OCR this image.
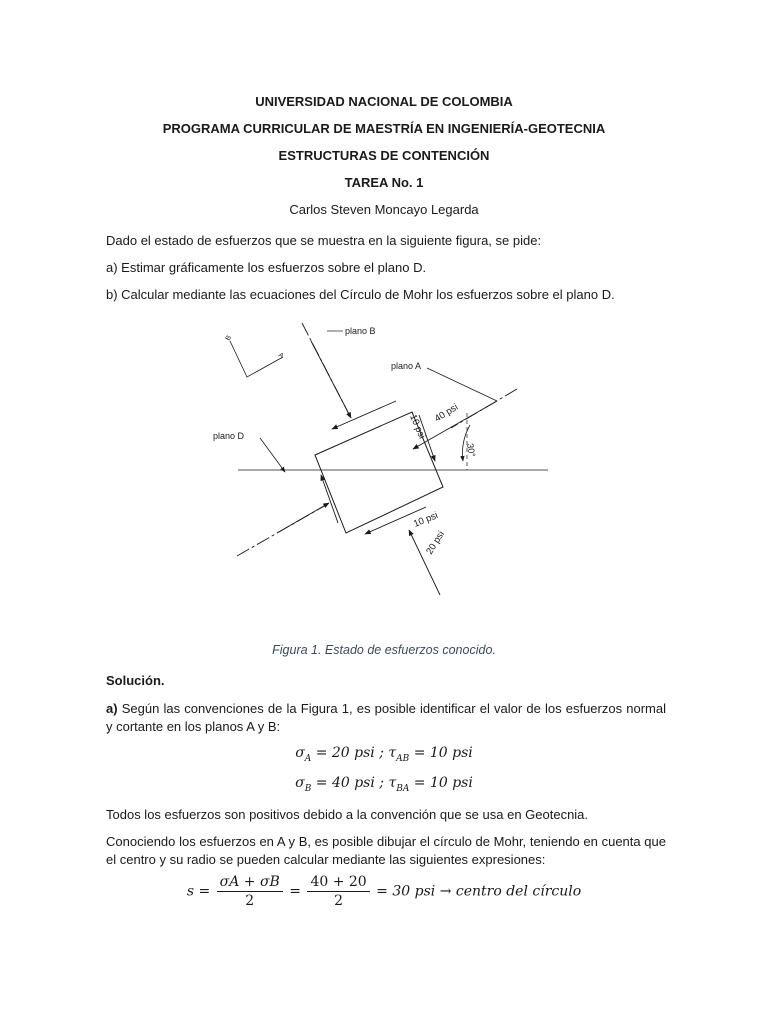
UNIVERSIDAD NACIONAL DE COLOMBIA
PROGRAMA CURRICULAR DE MAESTRÍA EN INGENIERÍA-GEOTECNIA
ESTRUCTURAS DE CONTENCIÓN
TAREA No. 1
Carlos Steven Moncayo Legarda
Dado el estado de esfuerzos que se muestra en la siguiente figura, se pide:
a) Estimar gráficamente los esfuerzos sobre el plano D.
b) Calcular mediante las ecuaciones del Círculo de Mohr los esfuerzos sobre el plano D.
plano B
plano A
plano D
B
A
10 psi 40 psi
30°
10 psi
20 psi
Figura 1. Estado de esfuerzos conocido.
Solución.
a) Según las convenciones de la Figura 1, es posible identificar el valor de los esfuerzos normal y cortante en los planos A y B:
$\sigma_A = 20$ psi ; $\tau_{AB} = 10$ psi
$\sigma_B = 40$ psi ; $\tau_{BA} = 10$ psi
Todos los esfuerzos son positivos debido a la convención que se usa en Geotecnia.
Conociendo los esfuerzos en A y B, es posible dibujar el círculo de Mohr, teniendo en cuenta que el centro y su radio se pueden calcular mediante las siguientes expresiones:
$s = \frac{\sigma A + \sigma B}{2} = \frac{40 + 20}{2} = 30$ psi → centro del círculo
